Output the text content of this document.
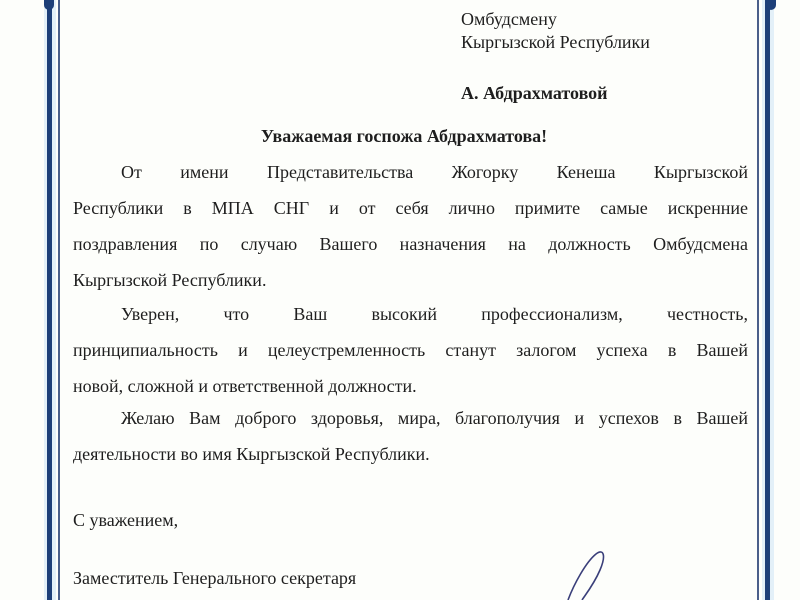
Омбудсмену
Кыргызской Республики
А. Абдрахматовой
Уважаемая госпожа Абдрахматова!
От имени Представительства Жогорку Кенеша Кыргызской
Республики в МПА СНГ и от себя лично примите самые искренние
поздравления по случаю Вашего назначения на должность Омбудсмена
Кыргызской Республики.
Уверен, что Ваш высокий профессионализм, честность,
принципиальность и целеустремленность станут залогом успеха в Вашей
новой, сложной и ответственной должности.
Желаю Вам доброго здоровья, мира, благополучия и успехов в Вашей
деятельности во имя Кыргызской Республики.
С уважением,
Заместитель Генерального секретаря
